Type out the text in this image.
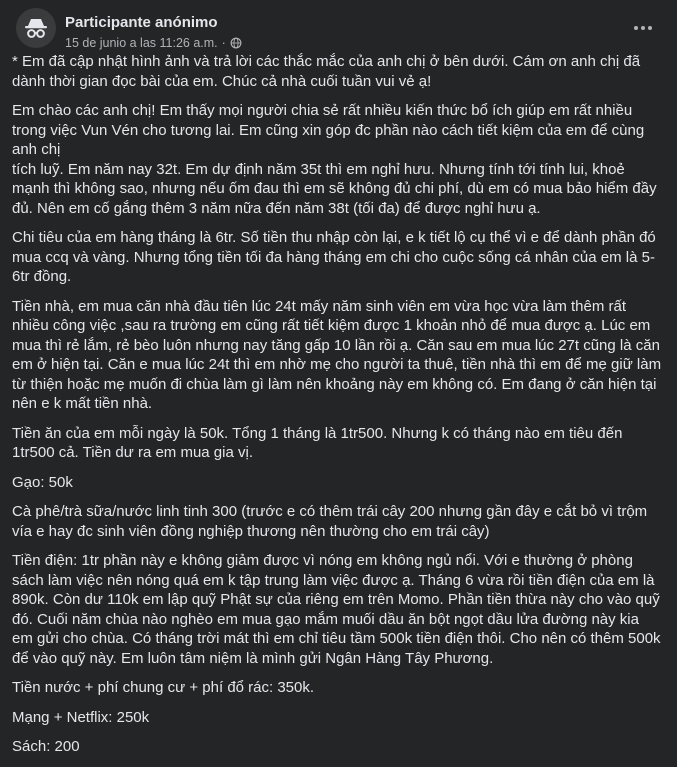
Participante anónimo
15 de junio a las 11:26 a.m. ·

* Em đã cập nhật hình ảnh và trả lời các thắc mắc của anh chị ở bên dưới. Cám ơn anh chị đã dành thời gian đọc bài của em. Chúc cả nhà cuối tuần vui vẻ ạ!

Em chào các anh chị! Em thấy mọi người chia sẻ rất nhiều kiến thức bổ ích giúp em rất nhiều trong việc Vun Vén cho tương lai. Em cũng xin góp đc phần nào cách tiết kiệm của em để cùng anh chị
tích luỹ. Em năm nay 32t. Em dự định năm 35t thì em nghỉ hưu. Nhưng tính tới tính lui, khoẻ mạnh thì không sao, nhưng nếu ốm đau thì em sẽ không đủ chi phí, dù em có mua bảo hiểm đầy đủ. Nên em cố gắng thêm 3 năm nữa đến năm 38t (tối đa) để được nghỉ hưu ạ.

Chi tiêu của em hàng tháng là 6tr. Số tiền thu nhập còn lại, e k tiết lộ cụ thể vì e để dành phần đó mua ccq và vàng. Nhưng tổng tiền tối đa hàng tháng em chi cho cuộc sống cá nhân của em là 5-6tr đồng.

Tiền nhà, em mua căn nhà đầu tiên lúc 24t mấy năm sinh viên em vừa học vừa làm thêm rất nhiều công việc ,sau ra trường em cũng rất tiết kiệm được 1 khoản nhỏ để mua được ạ. Lúc em mua thì rẻ lắm, rẻ bèo luôn nhưng nay tăng gấp 10 lần rồi ạ. Căn sau em mua lúc 27t cũng là căn em ở hiện tại. Căn e mua lúc 24t thì em nhờ mẹ cho người ta thuê, tiền nhà thì em để mẹ giữ làm từ thiện hoặc mẹ muốn đi chùa làm gì làm nên khoảng này em không có. Em đang ở căn hiện tại nên e k mất tiền nhà.

Tiền ăn của em mỗi ngày là 50k. Tổng 1 tháng là 1tr500. Nhưng k có tháng nào em tiêu đến 1tr500 cả. Tiền dư ra em mua gia vị.

Gạo: 50k

Cà phê/trà sữa/nước linh tinh 300 (trước e có thêm trái cây 200 nhưng gần đây e cắt bỏ vì trộm vía e hay đc sinh viên đồng nghiệp thương nên thường cho em trái cây)

Tiền điện: 1tr phần này e không giảm được vì nóng em không ngủ nổi. Với e thường ở phòng sách làm việc nên nóng quá em k tập trung làm việc được ạ. Tháng 6 vừa rồi tiền điện của em là 890k. Còn dư 110k em lập quỹ Phật sự của riêng em trên Momo. Phần tiền thừa này cho vào quỹ đó. Cuối năm chùa nào nghèo em mua gạo mắm muối dầu ăn bột ngọt dầu lửa đường này kia em gửi cho chùa. Có tháng trời mát thì em chỉ tiêu tầm 500k tiền điện thôi. Cho nên có thêm 500k để vào quỹ này. Em luôn tâm niệm là mình gửi Ngân Hàng Tây Phương.

Tiền nước + phí chung cư + phí đổ rác: 350k.

Mạng + Netflix: 250k

Sách: 200
